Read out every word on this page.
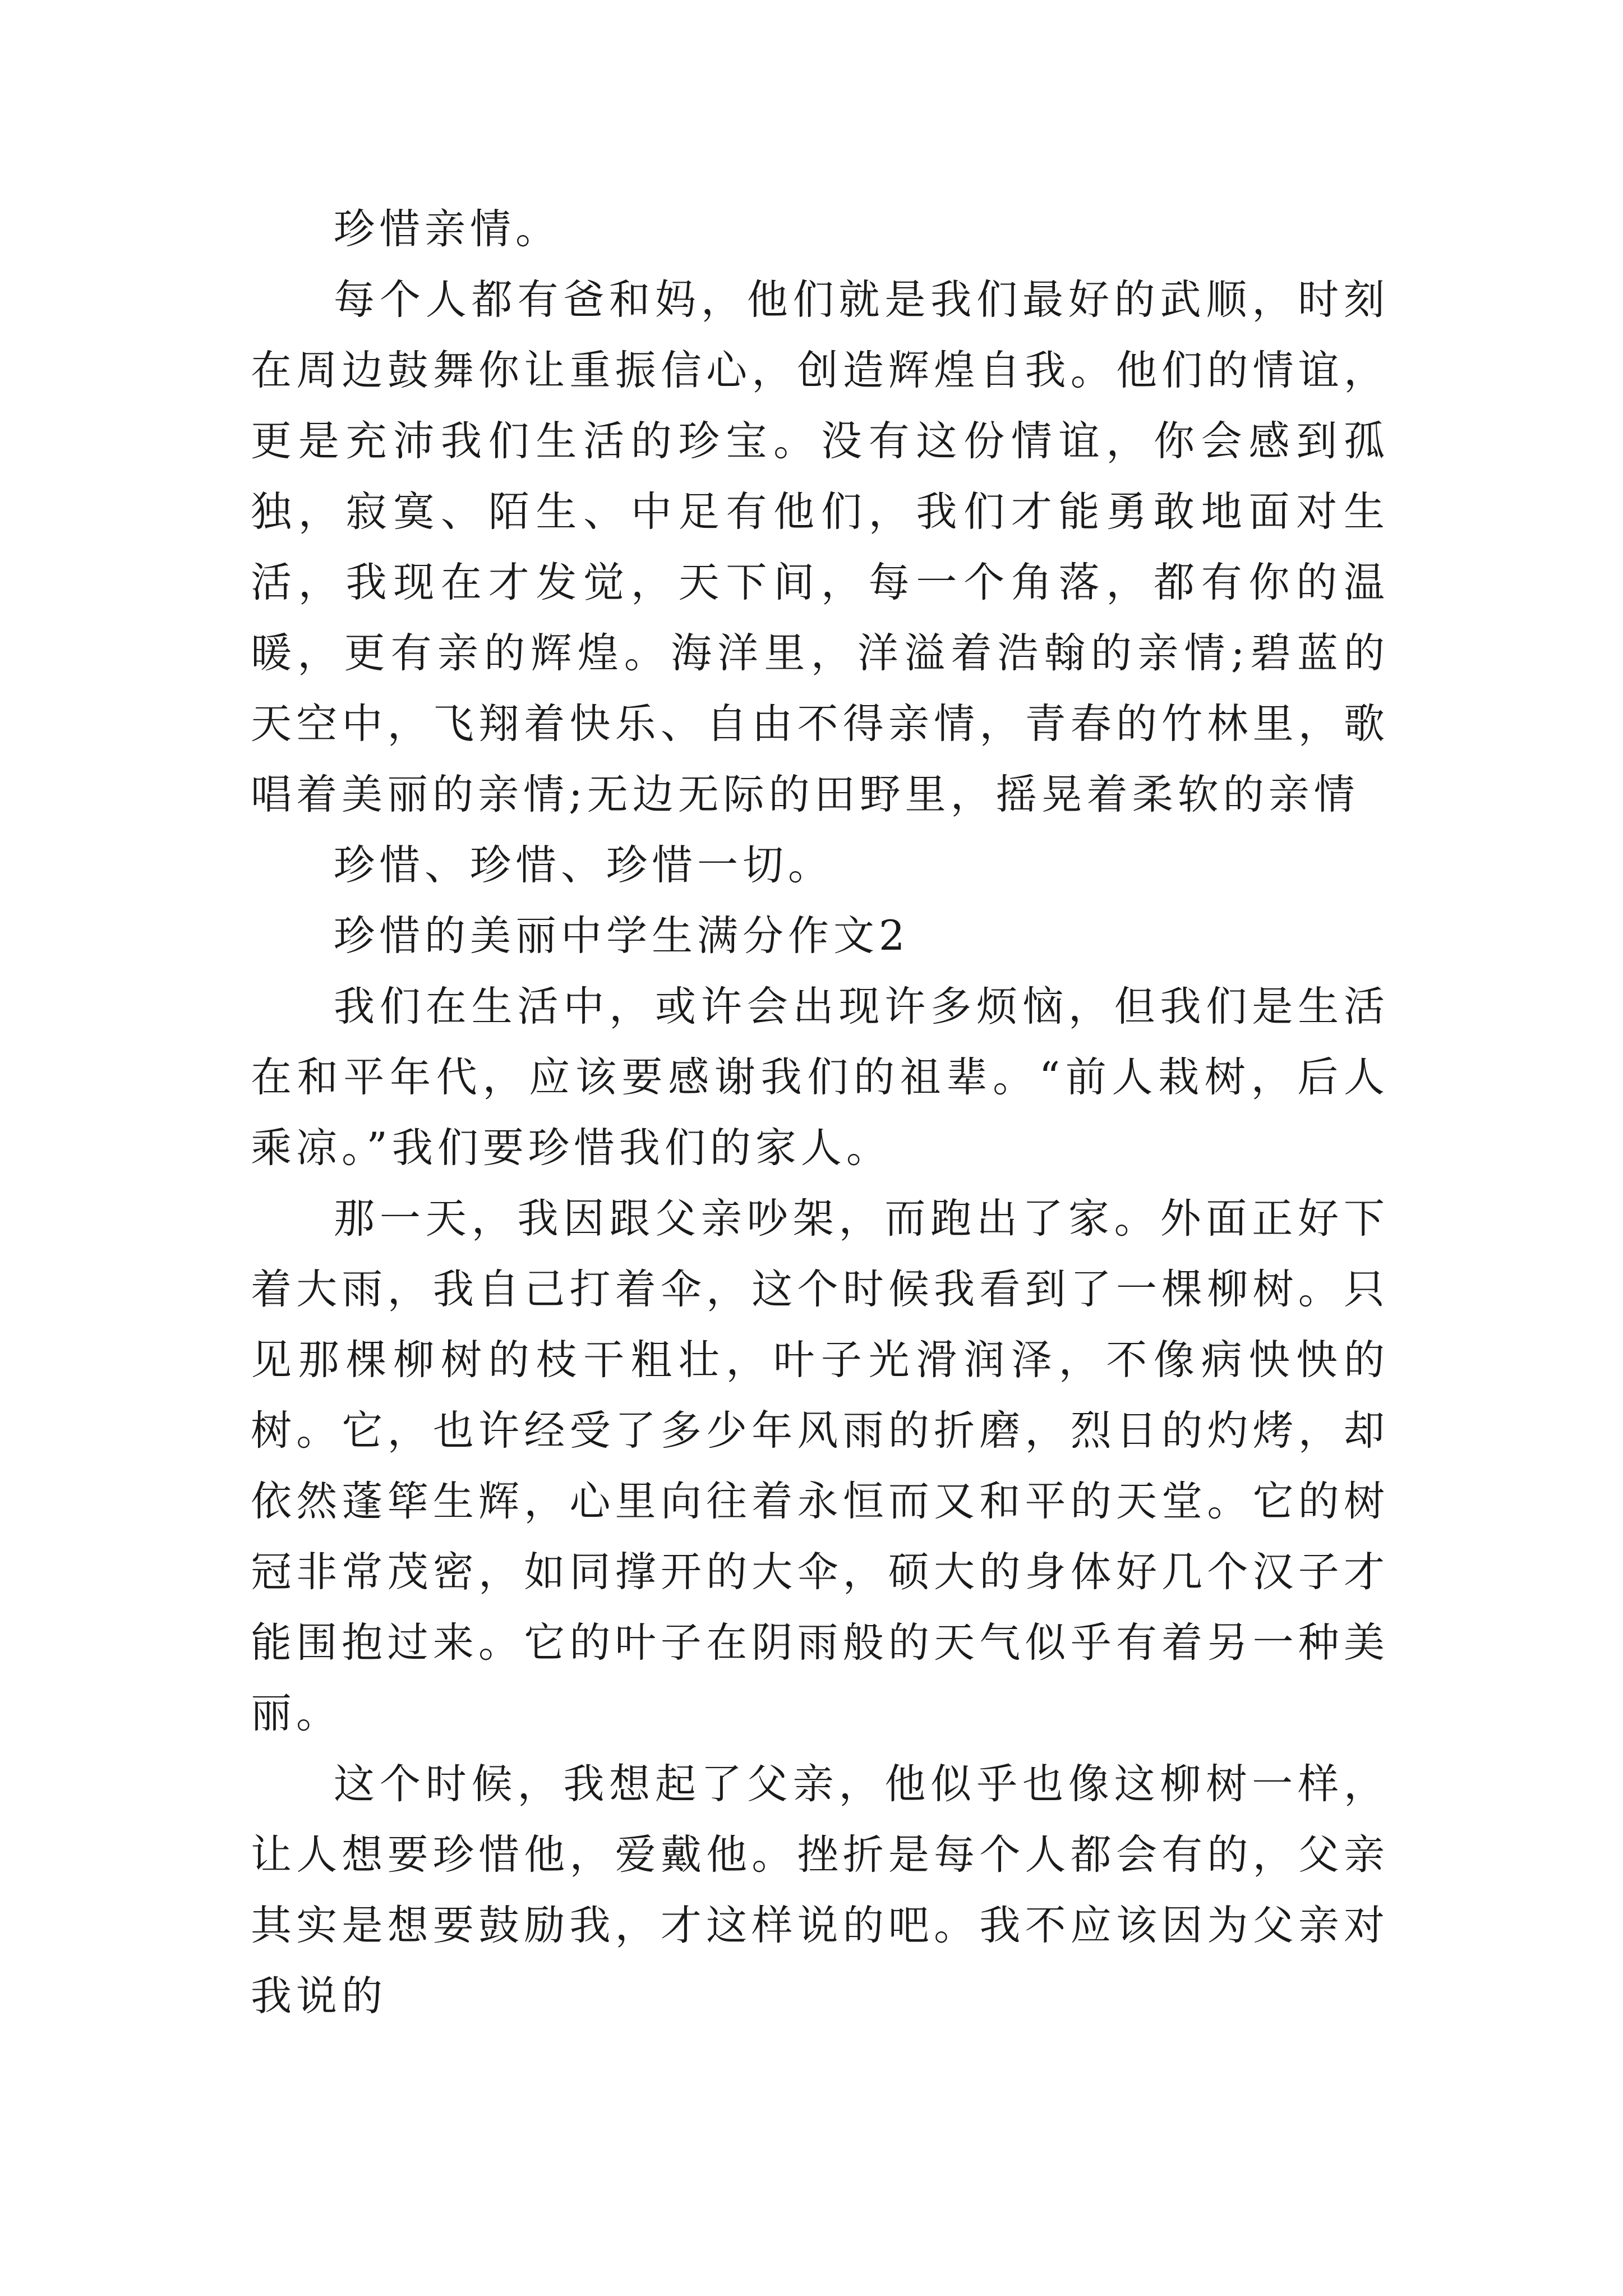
珍惜亲情。

每个人都有爸和妈，他们就是我们最好的武顺，时刻在周边鼓舞你让重振信心，创造辉煌自我。他们的情谊，更是充沛我们生活的珍宝。没有这份情谊，你会感到孤独，寂寞、陌生、中足有他们，我们才能勇敢地面对生活，我现在才发觉，天下间，每一个角落，都有你的温暖，更有亲的辉煌。海洋里，洋溢着浩翰的亲情;碧蓝的天空中，飞翔着快乐、自由不得亲情，青春的竹林里，歌唱着美丽的亲情;无边无际的田野里，摇晃着柔软的亲情

珍惜、珍惜、珍惜一切。

珍惜的美丽中学生满分作文2

我们在生活中，或许会出现许多烦恼，但我们是生活在和平年代，应该要感谢我们的祖辈。“前人栽树，后人乘凉。”我们要珍惜我们的家人。

那一天，我因跟父亲吵架，而跑出了家。外面正好下着大雨，我自己打着伞，这个时候我看到了一棵柳树。只见那棵柳树的枝干粗壮，叶子光滑润泽，不像病怏怏的树。它，也许经受了多少年风雨的折磨，烈日的灼烤，却依然蓬筚生辉，心里向往着永恒而又和平的天堂。它的树冠非常茂密，如同撑开的大伞，硕大的身体好几个汉子才能围抱过来。它的叶子在阴雨般的天气似乎有着另一种美丽。

这个时候，我想起了父亲，他似乎也像这柳树一样，让人想要珍惜他，爱戴他。挫折是每个人都会有的，父亲其实是想要鼓励我，才这样说的吧。我不应该因为父亲对我说的
